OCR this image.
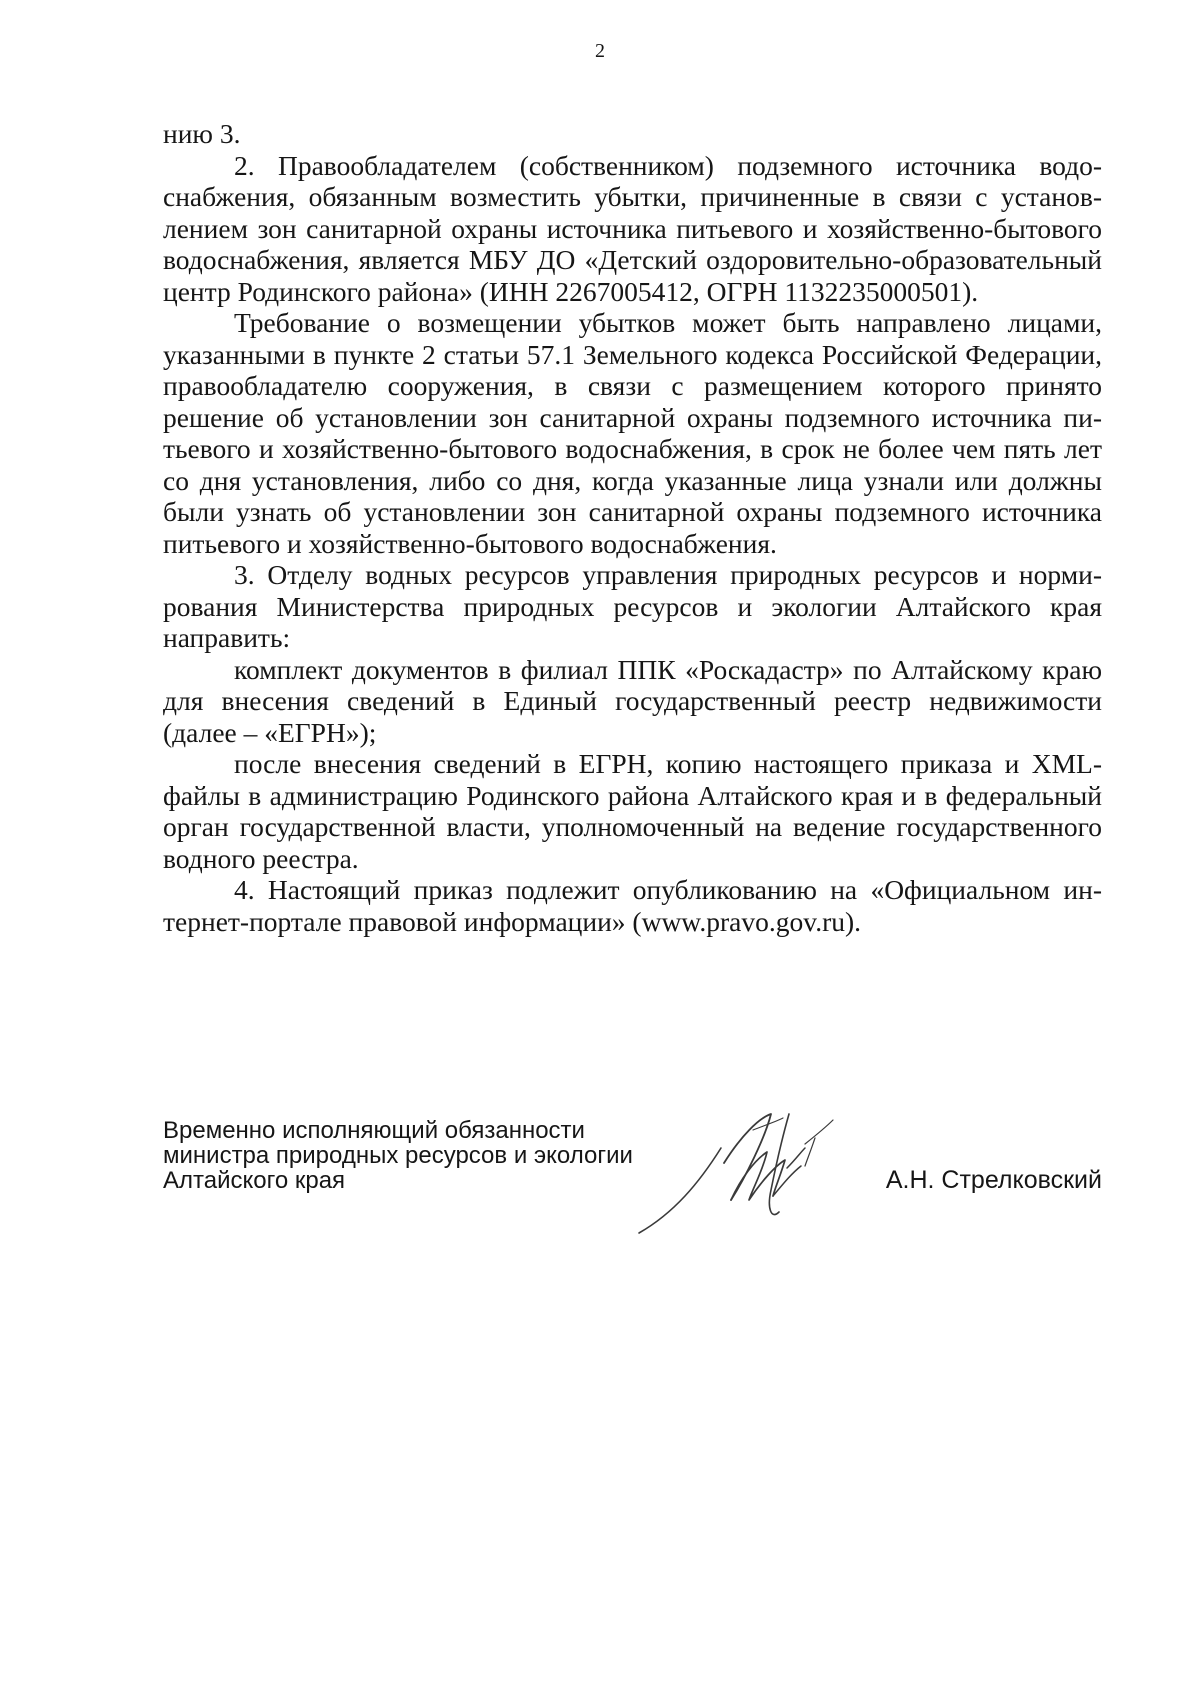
2

нию 3.

2. Правообладателем (собственником) подземного источника водоснабжения, обязанным возместить убытки, причиненные в связи с установлением зон санитарной охраны источника питьевого и хозяйственно-бытового водоснабжения, является МБУ ДО «Детский оздоровительно-образовательный центр Родинского района» (ИНН 2267005412, ОГРН 1132235000501).

Требование о возмещении убытков может быть направлено лицами, указанными в пункте 2 статьи 57.1 Земельного кодекса Российской Федерации, правообладателю сооружения, в связи с размещением которого принято решение об установлении зон санитарной охраны подземного источника питьевого и хозяйственно-бытового водоснабжения, в срок не более чем пять лет со дня установления, либо со дня, когда указанные лица узнали или должны были узнать об установлении зон санитарной охраны подземного источника питьевого и хозяйственно-бытового водоснабжения.

3. Отделу водных ресурсов управления природных ресурсов и нормирования Министерства природных ресурсов и экологии Алтайского края направить:

комплект документов в филиал ППК «Роскадастр» по Алтайскому краю для внесения сведений в Единый государственный реестр недвижимости (далее – «ЕГРН»);

после внесения сведений в ЕГРН, копию настоящего приказа и XML-файлы в администрацию Родинского района Алтайского края и в федеральный орган государственной власти, уполномоченный на ведение государственного водного реестра.

4. Настоящий приказ подлежит опубликованию на «Официальном интернет-портале правовой информации» (www.pravo.gov.ru).

Временно исполняющий обязанности
министра природных ресурсов и экологии
Алтайского края	А.Н. Стрелковский
